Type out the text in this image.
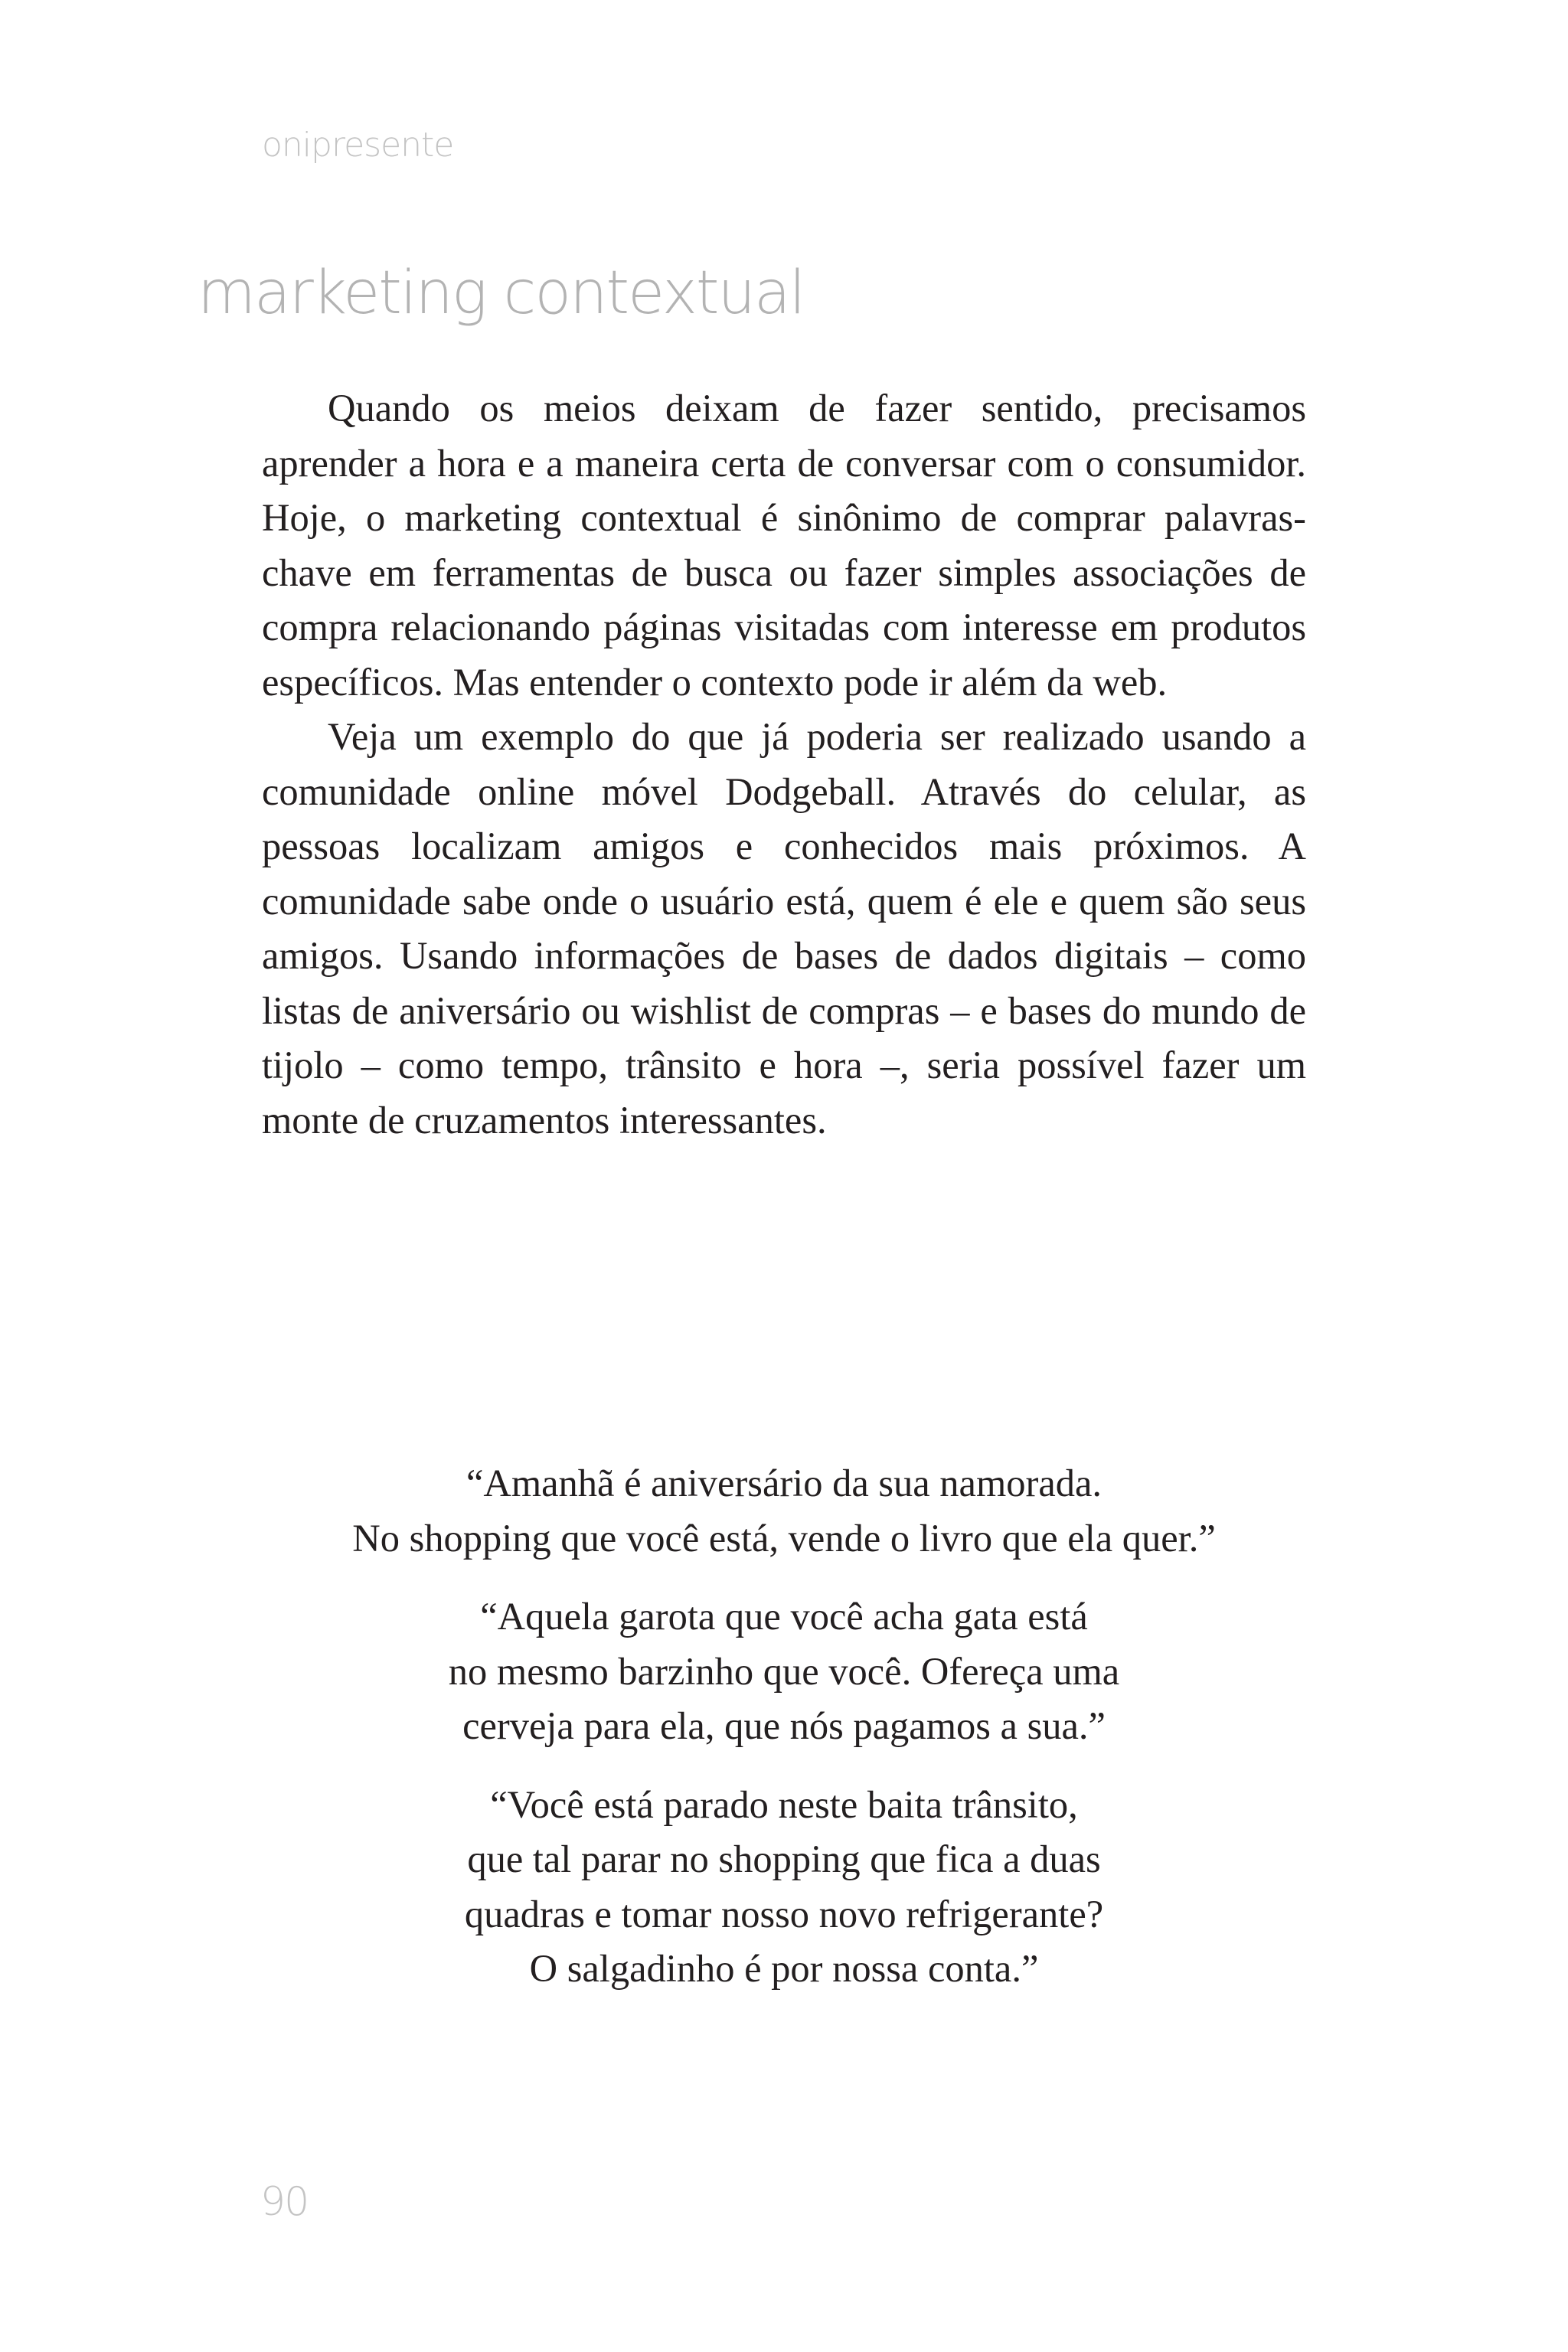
onipresente
marketing contextual

Quando os meios deixam de fazer sentido, precisamos aprender a hora e a maneira certa de conversar com o consumidor. Hoje, o marketing contextual é sinônimo de comprar palavras-chave em ferramentas de busca ou fazer simples associações de compra relacionando páginas visitadas com interesse em produtos específicos. Mas entender o contexto pode ir além da web.

Veja um exemplo do que já poderia ser realizado usando a comunidade online móvel Dodgeball. Através do celular, as pessoas localizam amigos e conhecidos mais próximos. A comunidade sabe onde o usuário está, quem é ele e quem são seus amigos. Usando informações de bases de dados digitais – como listas de aniversário ou wishlist de compras – e bases do mundo de tijolo – como tempo, trânsito e hora –, seria possível fazer um monte de cruzamentos interessantes.

“Amanhã é aniversário da sua namorada.
No shopping que você está, vende o livro que ela quer.”
“Aquela garota que você acha gata está
no mesmo barzinho que você. Ofereça uma
cerveja para ela, que nós pagamos a sua.”
“Você está parado neste baita trânsito,
que tal parar no shopping que fica a duas
quadras e tomar nosso novo refrigerante?
O salgadinho é por nossa conta.”
90
